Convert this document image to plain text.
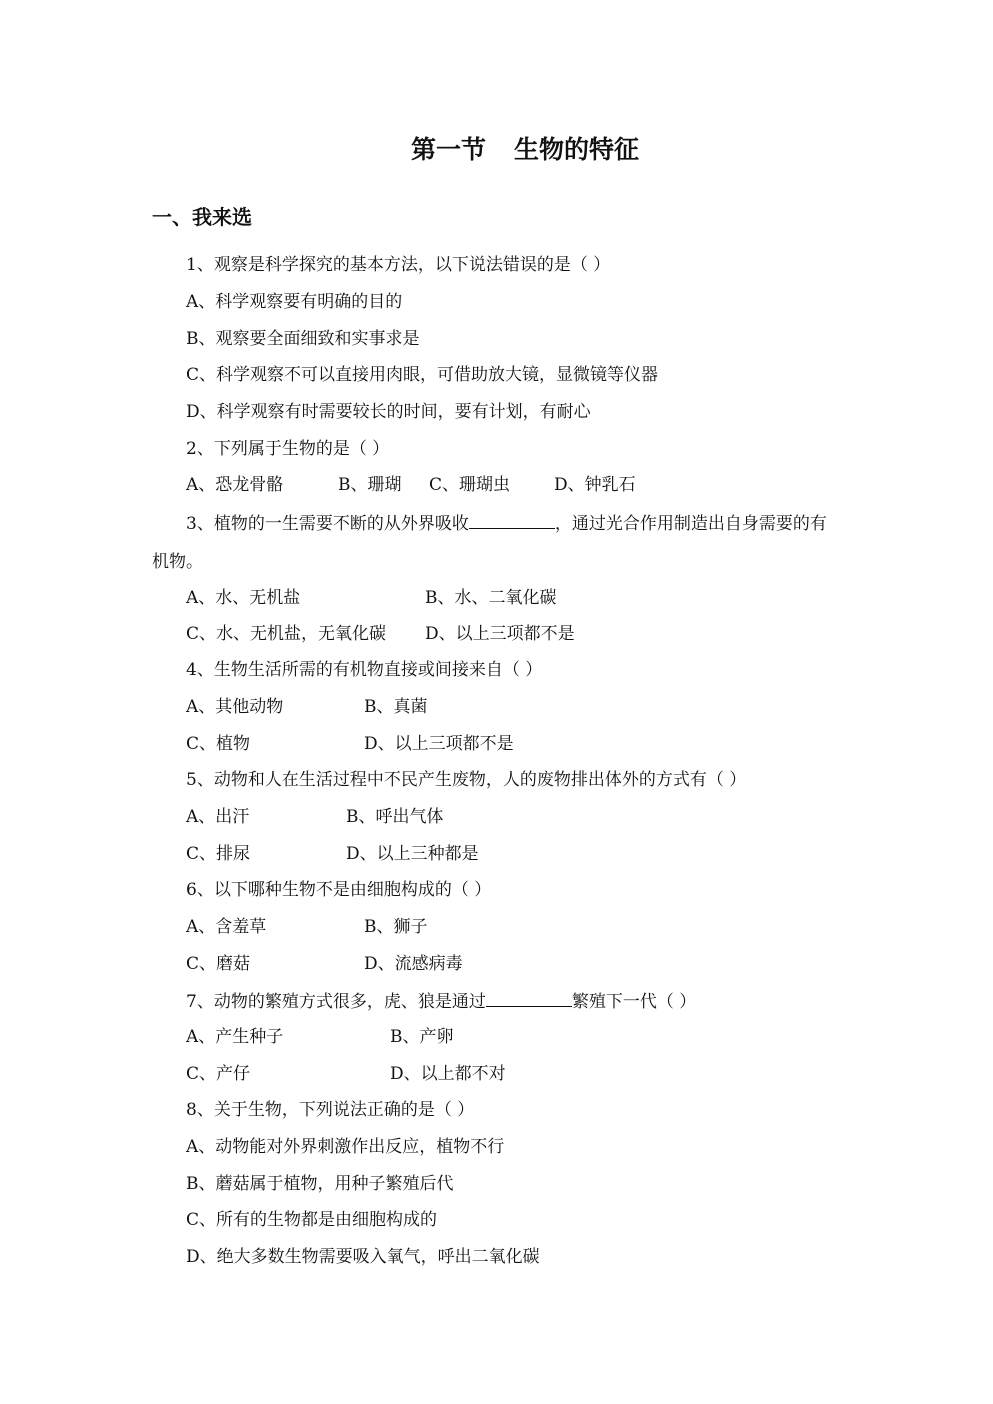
第一节 生物的特征
一、我来选

1、观察是科学探究的基本方法，以下说法错误的是（ ）

A、科学观察要有明确的目的

B、观察要全面细致和实事求是

C、科学观察不可以直接用肉眼，可借助放大镜，显微镜等仪器

D、科学观察有时需要较长的时间，要有计划，有耐心

2、下列属于生物的是（ ）

A、恐龙骨骼	B、珊瑚 C、珊瑚虫	D、钟乳石

3、植物的一生需要不断的从外界吸收	，通过光合作用制造出自身需要的有

机物。

A、水、无机盐	B、水、二氧化碳
C、水、无机盐，无氧化碳 D、以上三项都不是

4、生物生活所需的有机物直接或间接来自（ ）

A、其他动物	B、真菌
C、植物	D、以上三项都不是

5、动物和人在生活过程中不民产生废物，人的废物排出体外的方式有（ ）

A、出汗	B、呼出气体
C、排尿	D、以上三种都是

6、以下哪种生物不是由细胞构成的（ ）

A、含羞草	B、狮子
C、磨菇	D、流感病毒

7、动物的繁殖方式很多，虎、狼是通过	繁殖下一代（ ）

A、产生种子	B、产卵
C、产仔	D、以上都不对

8、关于生物，下列说法正确的是（ ）

A、动物能对外界刺激作出反应，植物不行

B、蘑菇属于植物，用种子繁殖后代

C、所有的生物都是由细胞构成的

D、绝大多数生物需要吸入氧气，呼出二氧化碳
